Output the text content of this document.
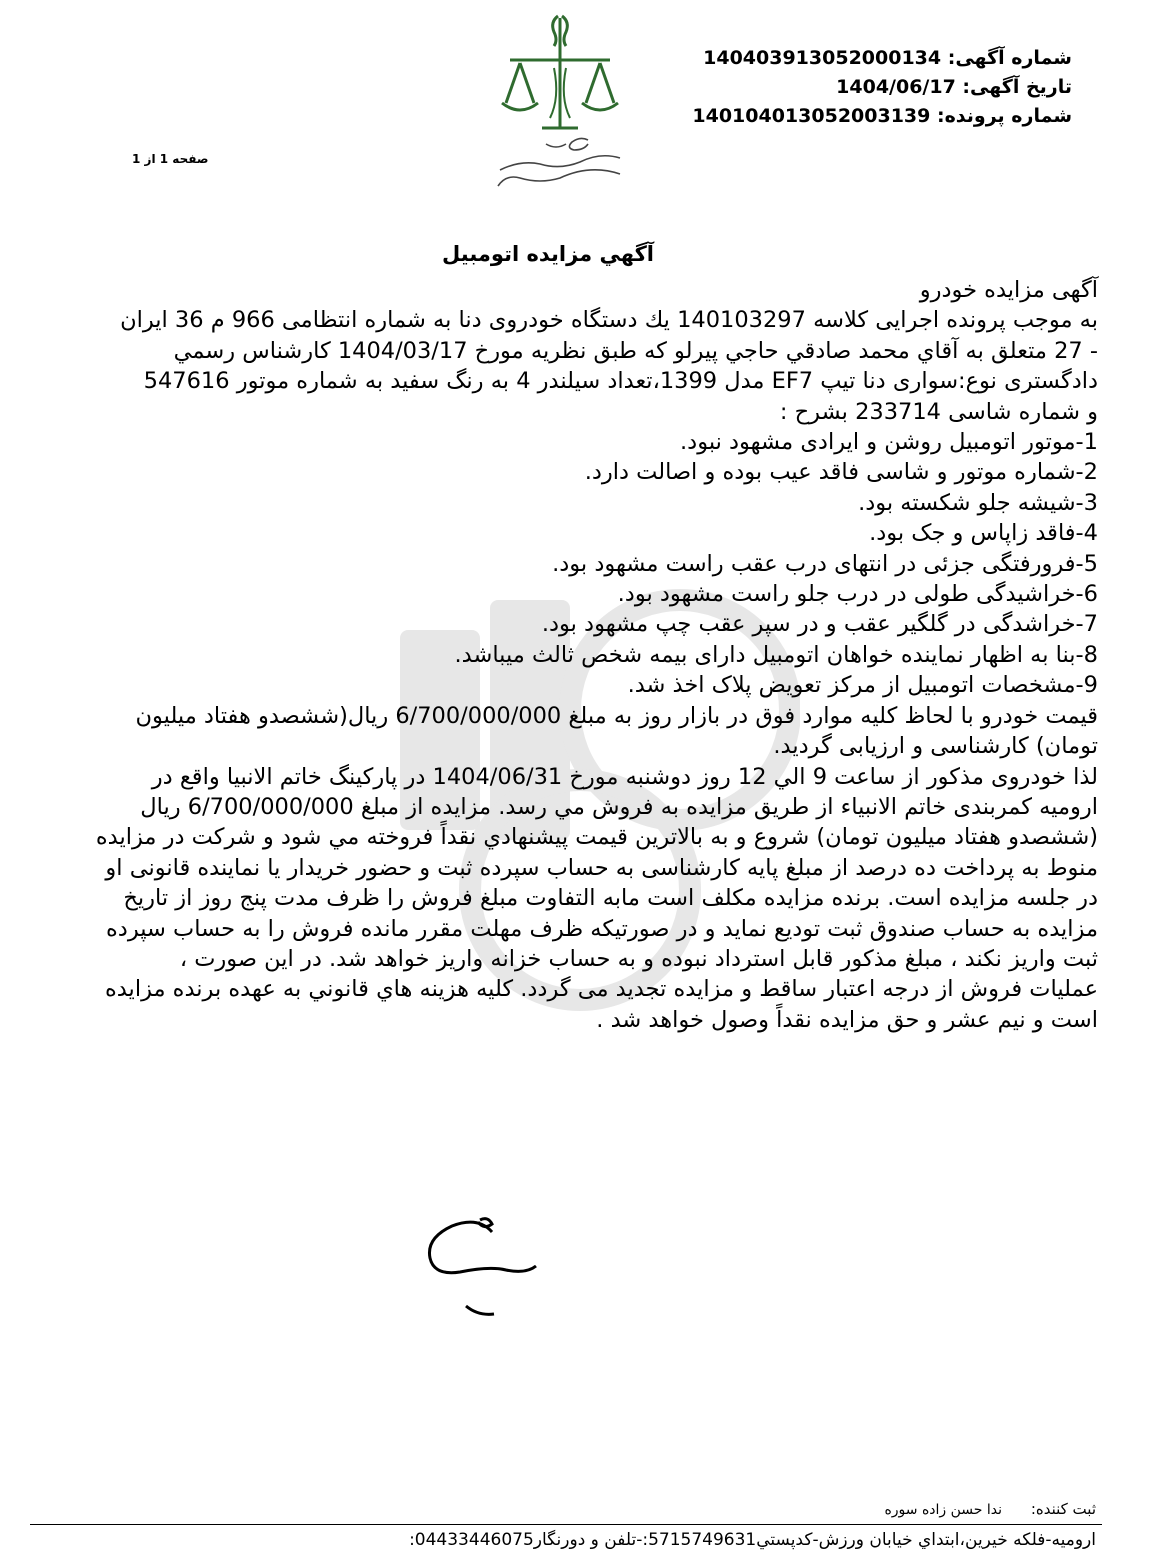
شماره آگهی: 140403913052000134
تاریخ آگهی: 1404/06/17
شماره پرونده: 140104013052003139
صفحه 1 از 1
آگهي مزایده اتومبیل

آگهی مزایده خودرو
به موجب پرونده اجرایی کلاسه 140103297 يك دستگاه خودروی دنا به شماره انتظامی 966 م 36 ایران
- 27 متعلق به آقاي محمد صادقي حاجي پیرلو که طبق نظریه مورخ 1404/03/17 کارشناس رسمي
دادگستری نوع:سواری دنا تیپ EF7 مدل 1399،تعداد سیلندر 4 به رنگ سفید به شماره موتور 547616
و شماره شاسی 233714 بشرح :
1-موتور اتومبیل روشن و ایرادی مشهود نبود.
2-شماره موتور و شاسی فاقد عیب بوده و اصالت دارد.
3-شیشه جلو شکسته بود.
4-فاقد زاپاس و جک بود.
5-فرورفتگی جزئی در انتهای درب عقب راست مشهود بود.
6-خراشیدگی طولی در درب جلو راست مشهود بود.
7-خراشدگی در گلگیر عقب و در سپر عقب چپ مشهود بود.
8-بنا به اظهار نماینده خواهان اتومبیل دارای بیمه شخص ثالث میباشد.
9-مشخصات اتومبیل از مرکز تعویض پلاک اخذ شد.
قیمت خودرو با لحاظ کلیه موارد فوق در بازار روز به مبلغ 6/700/000/000 ریال(ششصدو هفتاد میلیون
تومان) کارشناسی و ارزیابی گردید.
لذا خودروی مذکور از ساعت 9 الي 12 روز دوشنبه مورخ 1404/06/31 در پارکینگ خاتم الانبیا واقع در
ارومیه کمربندی خاتم الانبیاء از طریق مزایده به فروش مي رسد. مزایده از مبلغ 6/700/000/000 ریال
(ششصدو هفتاد میلیون تومان) شروع و به بالاترین قیمت پیشنهادي نقداً فروخته مي شود و شرکت در مزایده
منوط به پرداخت ده درصد از مبلغ پایه کارشناسی به حساب سپرده ثبت و حضور خریدار یا نماینده قانونی او
در جلسه مزایده است. برنده مزایده مکلف است مابه التفاوت مبلغ فروش را ظرف مدت پنج روز از تاریخ
مزایده به حساب صندوق ثبت تودیع نماید و در صورتیکه ظرف مهلت مقرر مانده فروش را به حساب سپرده
ثبت واریز نکند ، مبلغ مذکور قابل استرداد نبوده و به حساب خزانه واریز خواهد شد. در این صورت ،
عملیات فروش از درجه اعتبار ساقط و مزایده تجدید می گردد. کلیه هزینه هاي قانوني به عهده برنده مزایده
است و نیم عشر و حق مزایده نقداً وصول خواهد شد .

ثبت کننده: ندا حسن زاده سوره
ارومیه-فلکه خیرین،ابتداي خیابان ورزش-کدپستي5715749631:-تلفن و دورنگار04433446075:
